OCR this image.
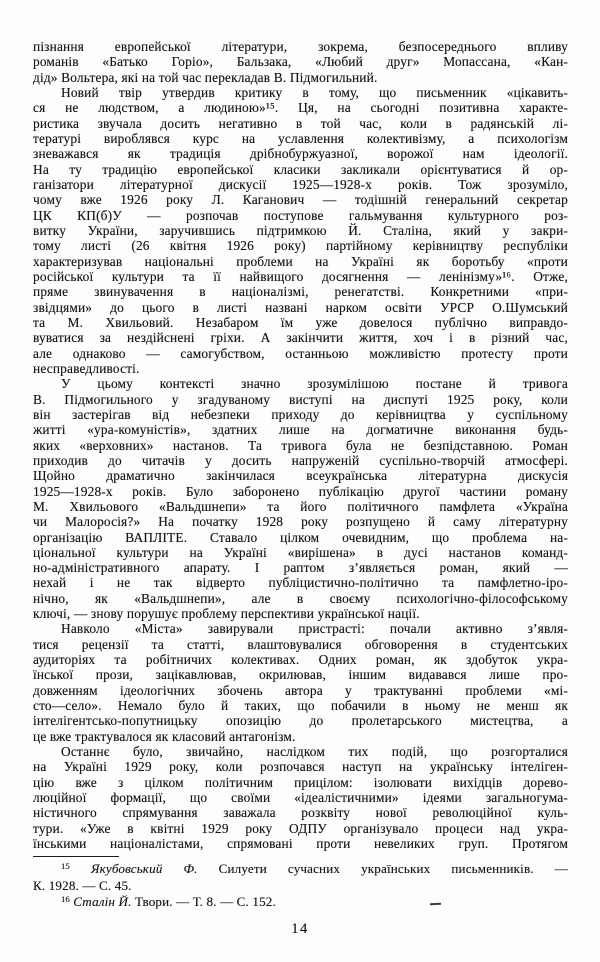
пізнання европейської літератури, зокрема, безпосереднього впливу
романів «Батько Горіо», Бальзака, «Любий друг» Мопассана, «Кан-
дід» Вольтера, які на той час перекладав В. Підмогильний.
Новий твір утвердив критику в тому, що письменник «цікавить-
ся не людством, а людиною»¹⁵. Ця, на сьогодні позитивна характе-
ристика звучала досить негативно в той час, коли в радянській лі-
тературі вироблявся курс на уславлення колективізму, а психологізм
зневажався як традиція дрібнобуржуазної, ворожої нам ідеології.
На ту традицію европейської класики закликали орієнтуватися й ор-
ганізатори літературної дискусії 1925—1928-х років. Тож зрозуміло,
чому вже 1926 року Л. Каганович — тодішній генеральний секретар
ЦК КП(б)У — розпочав поступове гальмування культурного роз-
витку України, заручившись підтримкою Й. Сталіна, який у закри-
тому листі (26 квітня 1926 року) партійному керівництву республіки
характеризував національні проблеми на Україні як боротьбу «проти
російської культури та її найвищого досягнення — ленінізму»¹⁶. Отже,
пряме звинувачення в націоналізмі, ренегатстві. Конкретними «при-
звідцями» до цього в листі названі нарком освіти УРСР О.Шумський
та М. Хвильовий. Незабаром їм уже довелося публічно виправдо-
вуватися за нездійснені гріхи. А закінчити життя, хоч і в різний час,
але однаково — самогубством, останньою можливістю протесту проти
несправедливості.
У цьому контексті значно зрозумілішою постане й тривога
В. Підмогильного у згадуваному виступі на диспуті 1925 року, коли
він застерігав від небезпеки приходу до керівництва у суспільному
житті «ура-комуністів», здатних лише на догматичне виконання будь-
яких «верховних» настанов. Та тривога була не безпідставною. Роман
приходив до читачів у досить напруженій суспільно-творчій атмосфері.
Щойно драматично закінчилася всеукраїнська літературна дискусія
1925—1928-х років. Було заборонено публікацію другої частини роману
М. Хвильового «Вальдшнепи» та його політичного памфлета «Україна
чи Малоросія?» На початку 1928 року розпущено й саму літературну
організацію ВАПЛІТЕ. Ставало цілком очевидним, що проблема на-
ціональної культури на Україні «вирішена» в дусі настанов команд-
но-адміністративного апарату. І раптом з’являється роман, який —
нехай і не так відверто публіцистично-політично та памфлетно-іро-
нічно, як «Вальдшнепи», але в своєму психологічно-філософському
ключі, — знову порушує проблему перспективи української нації.
Навколо «Міста» завирували пристрасті: почали активно з’явля-
тися рецензії та статті, влаштовувалися обговорення в студентських
аудиторіях та робітничих колективах. Одних роман, як здобуток укра-
їнської прози, зацікавлював, окрилював, іншим видавався лише про-
довженням ідеологічних збочень автора у трактуванні проблеми «мі-
сто—село». Немало було й таких, що побачили в ньому не менш як
інтелігентсько-попутницьку опозицію до пролетарського мистецтва, а
це вже трактувалося як класовий антагонізм.
Останнє було, звичайно, наслідком тих подій, що розгорталися
на Україні 1929 року, коли розпочався наступ на українську інтеліген-
цію вже з цілком політичним прицілом: ізолювати вихідців дорево-
люційної формації, що своїми «ідеалістичними» ідеями загальногума-
ністичного спрямування заважала розквіту нової революційної куль-
тури. «Уже в квітні 1929 року ОДПУ організувало процеси над укра-
їнськими націоналістами, спрямовані проти невеликих груп. Протягом
$^{15}$ Якубовський Ф. Силуети сучасних українських письменників. —
К. 1928. — С. 45.
$^{16}$ Сталін Й. Твори. — Т. 8. — С. 152.
14
